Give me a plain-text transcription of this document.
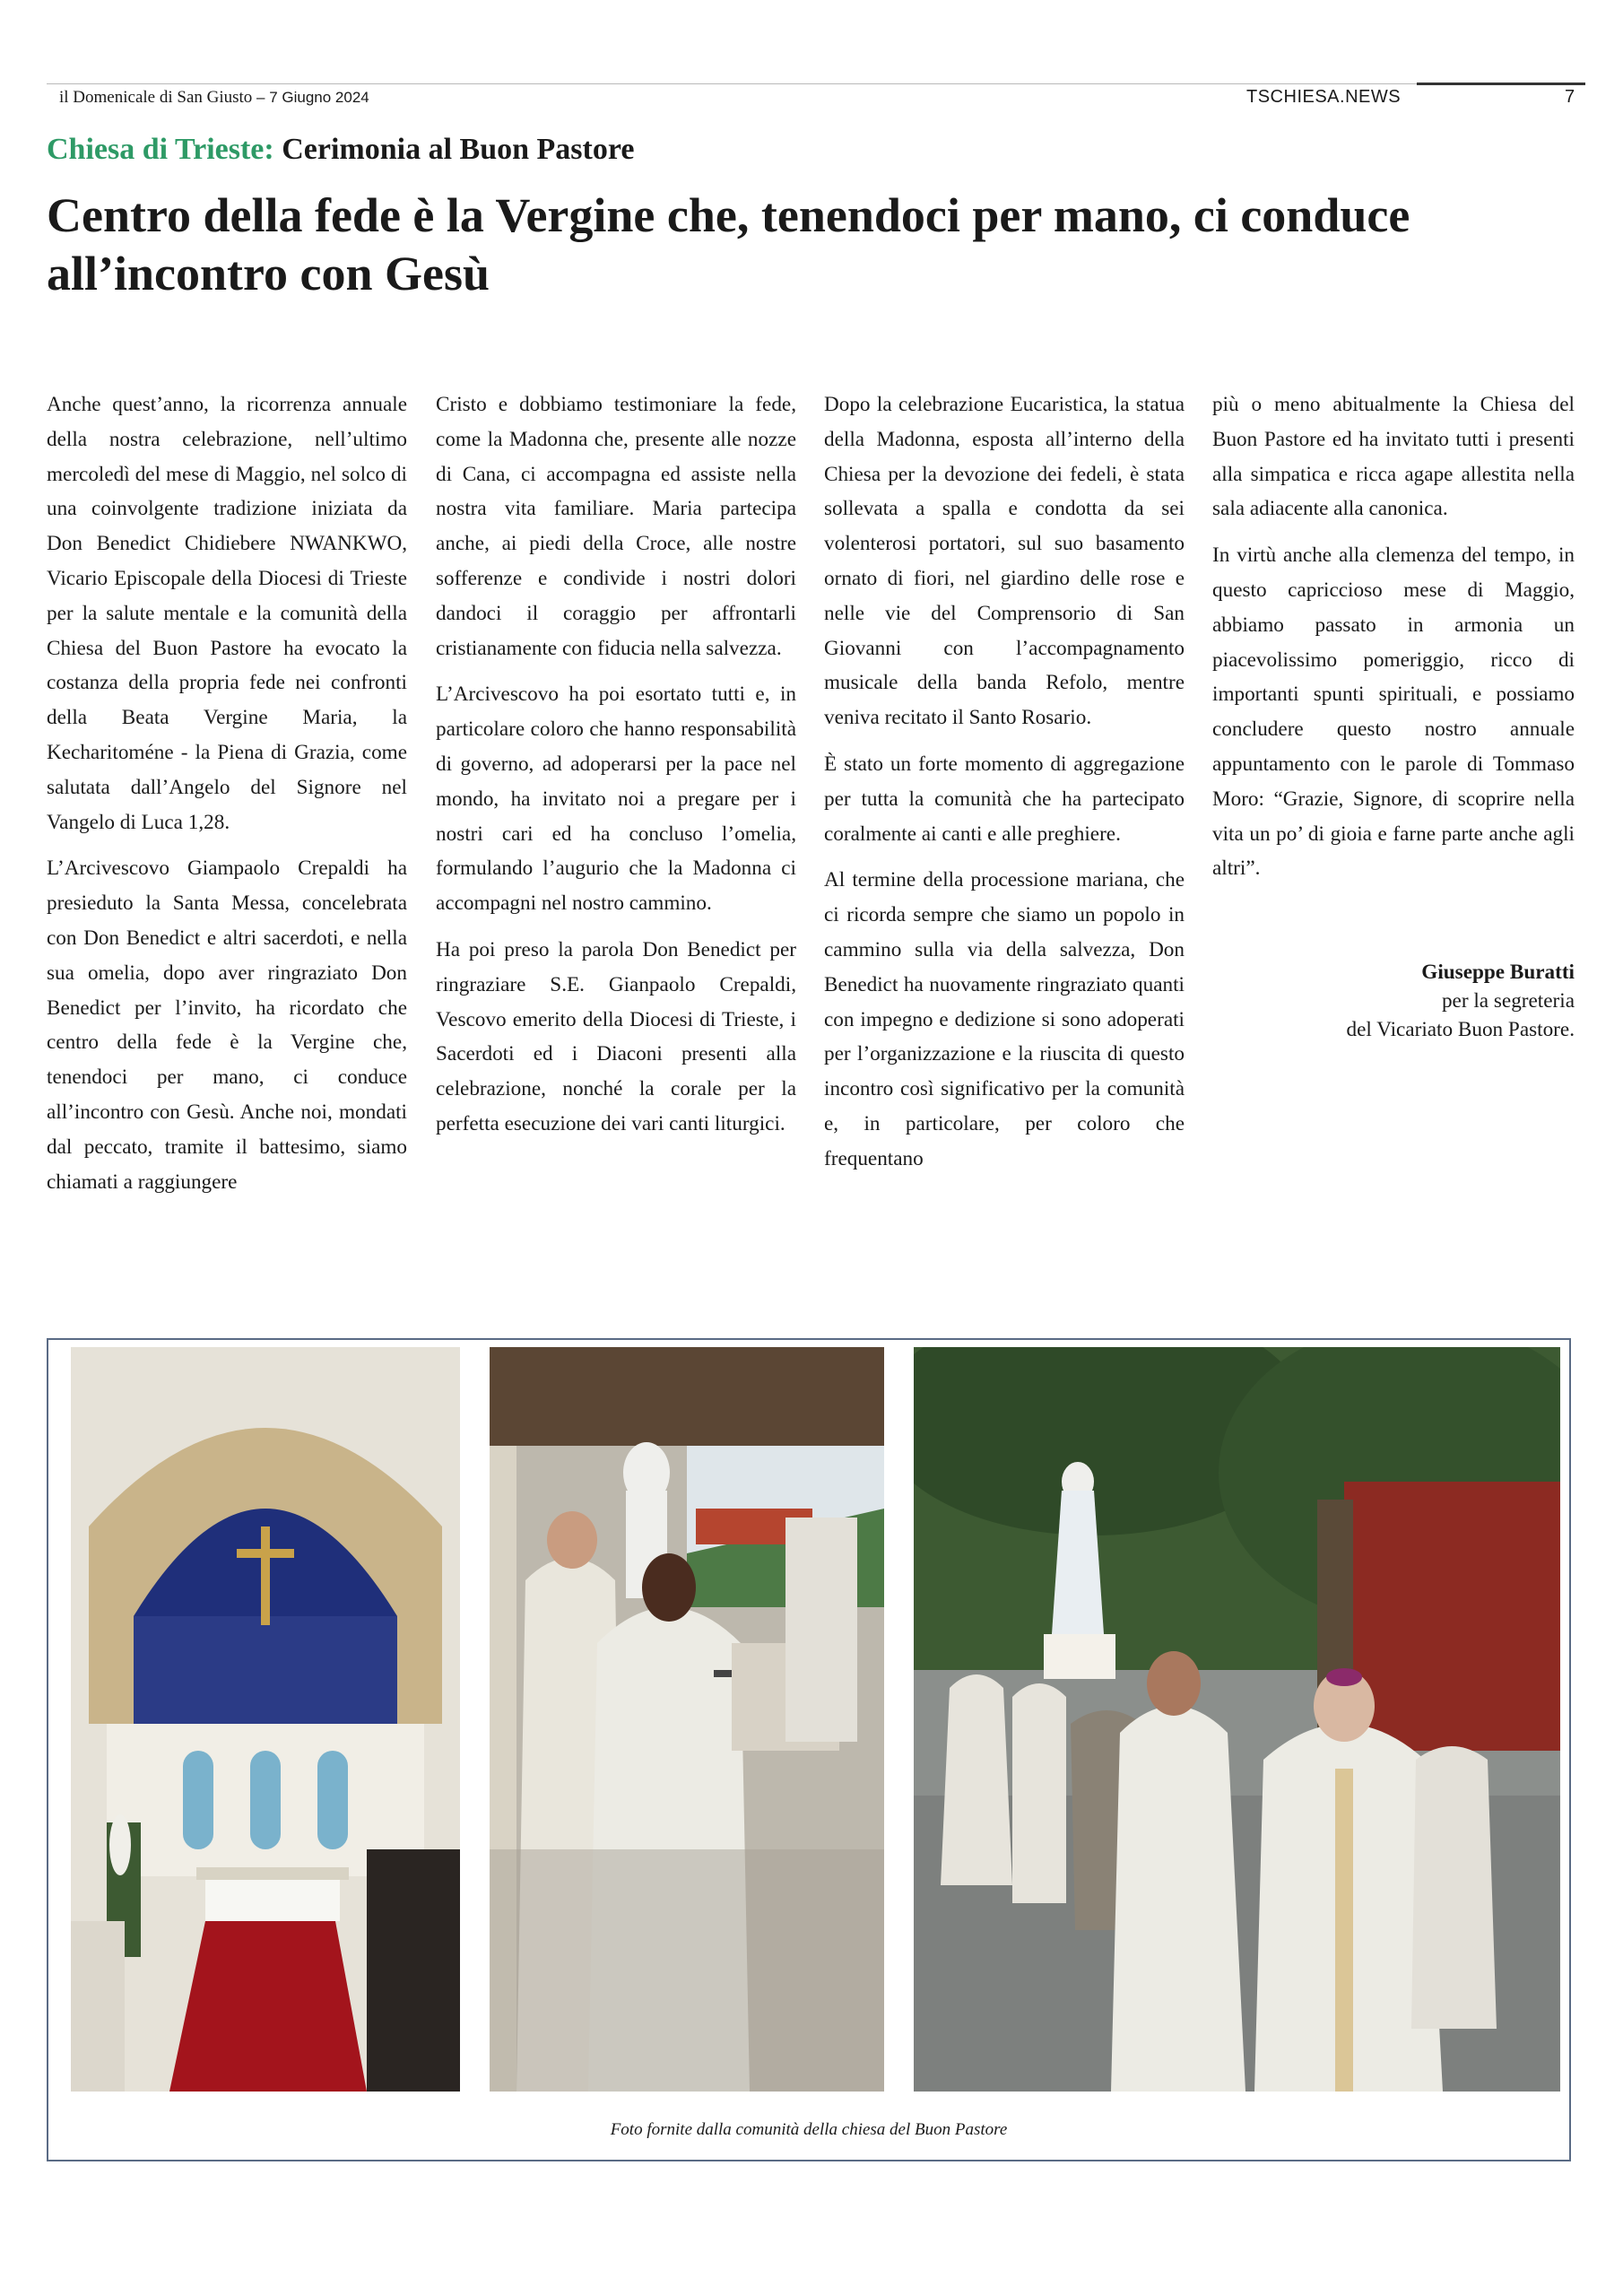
il Domenicale di San Giusto – 7 Giugno 2024	TSCHIESA.NEWS	7
Chiesa di Trieste: Cerimonia al Buon Pastore
Centro della fede è la Vergine che, tenendoci per mano, ci conduce all’incontro con Gesù

Anche quest’anno, la ricorrenza annuale della nostra celebrazione, nell’ultimo mercoledì del mese di Maggio, nel solco di una coinvolgente tradizione iniziata da Don Benedict Chidiebere NWANKWO, Vicario Episcopale della Diocesi di Trieste per la salute mentale e la comunità della Chiesa del Buon Pastore ha evocato la costanza della propria fede nei confronti della Beata Vergine Maria, la Kecharitoméne - la Piena di Grazia, come salutata dall’Angelo del Signore nel Vangelo di Luca 1,28.

L’Arcivescovo Giampaolo Crepaldi ha presieduto la Santa Messa, concelebrata con Don Benedict e altri sacerdoti, e nella sua omelia, dopo aver ringraziato Don Benedict per l’invito, ha ricordato che centro della fede è la Vergine che, tenendoci per mano, ci conduce all’incontro con Gesù. Anche noi, mondati dal peccato, tramite il battesimo, siamo chiamati a raggiungere

Cristo e dobbiamo testimoniare la fede, come la Madonna che, presente alle nozze di Cana, ci accompagna ed assiste nella nostra vita familiare. Maria partecipa anche, ai piedi della Croce, alle nostre sofferenze e condivide i nostri dolori dandoci il coraggio per affrontarli cristianamente con fiducia nella salvezza.

L’Arcivescovo ha poi esortato tutti e, in particolare coloro che hanno responsabilità di governo, ad adoperarsi per la pace nel mondo, ha invitato noi a pregare per i nostri cari ed ha concluso l’omelia, formulando l’augurio che la Madonna ci accompagni nel nostro cammino.

Ha poi preso la parola Don Benedict per ringraziare S.E. Gianpaolo Crepaldi, Vescovo emerito della Diocesi di Trieste, i Sacerdoti ed i Diaconi presenti alla celebrazione, nonché la corale per la perfetta esecuzione dei vari canti liturgici.

Dopo la celebrazione Eucaristica, la statua della Madonna, esposta all’interno della Chiesa per la devozione dei fedeli, è stata sollevata a spalla e condotta da sei volenterosi portatori, sul suo basamento ornato di fiori, nel giardino delle rose e nelle vie del Comprensorio di San Giovanni con l’accompagnamento musicale della banda Refolo, mentre veniva recitato il Santo Rosario.

È stato un forte momento di aggregazione per tutta la comunità che ha partecipato coralmente ai canti e alle preghiere.

Al termine della processione mariana, che ci ricorda sempre che siamo un popolo in cammino sulla via della salvezza, Don Benedict ha nuovamente ringraziato quanti con impegno e dedizione si sono adoperati per l’organizzazione e la riuscita di questo incontro così significativo per la comunità e, in particolare, per coloro che frequentano

più o meno abitualmente la Chiesa del Buon Pastore ed ha invitato tutti i presenti alla simpatica e ricca agape allestita nella sala adiacente alla canonica.

In virtù anche alla clemenza del tempo, in questo capriccioso mese di Maggio, abbiamo passato in armonia un piacevolissimo pomeriggio, ricco di importanti spunti spirituali, e possiamo concludere questo nostro annuale appuntamento con le parole di Tommaso Moro: “Grazie, Signore, di scoprire nella vita un po’ di gioia e farne parte anche agli altri”.

Giuseppe Buratti
per la segreteria
del Vicariato Buon Pastore.
Foto fornite dalla comunità della chiesa del Buon Pastore
